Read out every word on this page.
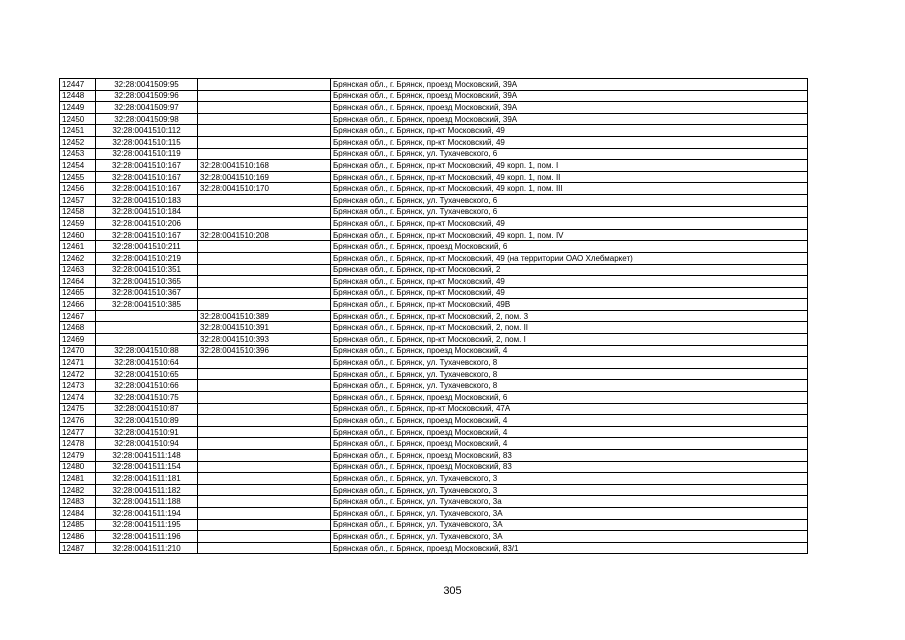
12447	32:28:0041509:95		Брянская обл., г. Брянск, проезд Московский, 39А
12448	32:28:0041509:96		Брянская обл., г. Брянск, проезд Московский, 39А
12449	32:28:0041509:97		Брянская обл., г. Брянск, проезд Московский, 39А
12450	32:28:0041509:98		Брянская обл., г. Брянск, проезд Московский, 39А
12451	32:28:0041510:112		Брянская обл., г. Брянск, пр-кт Московский, 49
12452	32:28:0041510:115		Брянская обл., г. Брянск, пр-кт Московский, 49
12453	32:28:0041510:119		Брянская обл., г. Брянск, ул. Тухачевского, 6
12454	32:28:0041510:167	32:28:0041510:168	Брянская обл., г. Брянск, пр-кт Московский, 49 корп. 1, пом. I
12455	32:28:0041510:167	32:28:0041510:169	Брянская обл., г. Брянск, пр-кт Московский, 49 корп. 1, пом. II
12456	32:28:0041510:167	32:28:0041510:170	Брянская обл., г. Брянск, пр-кт Московский, 49 корп. 1, пом. III
12457	32:28:0041510:183		Брянская обл., г. Брянск, ул. Тухачевского, 6
12458	32:28:0041510:184		Брянская обл., г. Брянск, ул. Тухачевского, 6
12459	32:28:0041510:206		Брянская обл., г. Брянск, пр-кт Московский, 49
12460	32:28:0041510:167	32:28:0041510:208	Брянская обл., г. Брянск, пр-кт Московский, 49 корп. 1, пом. IV
12461	32:28:0041510:211		Брянская обл., г. Брянск, проезд Московский, 6
12462	32:28:0041510:219		Брянская обл., г. Брянск, пр-кт Московский, 49 (на территории ОАО Хлебмаркет)
12463	32:28:0041510:351		Брянская обл., г. Брянск, пр-кт Московский, 2
12464	32:28:0041510:365		Брянская обл., г. Брянск, пр-кт Московский, 49
12465	32:28:0041510:367		Брянская обл., г. Брянск, пр-кт Московский, 49
12466	32:28:0041510:385		Брянская обл., г. Брянск, пр-кт Московский, 49В
12467		32:28:0041510:389	Брянская обл., г. Брянск, пр-кт Московский, 2, пом. 3
12468		32:28:0041510:391	Брянская обл., г. Брянск, пр-кт Московский, 2, пом. II
12469		32:28:0041510:393	Брянская обл., г. Брянск, пр-кт Московский, 2, пом. I
12470	32:28:0041510:88	32:28:0041510:396	Брянская обл., г. Брянск, проезд Московский, 4
12471	32:28:0041510:64		Брянская обл., г. Брянск, ул. Тухачевского, 8
12472	32:28:0041510:65		Брянская обл., г. Брянск, ул. Тухачевского, 8
12473	32:28:0041510:66		Брянская обл., г. Брянск, ул. Тухачевского, 8
12474	32:28:0041510:75		Брянская обл., г. Брянск, проезд Московский, 6
12475	32:28:0041510:87		Брянская обл., г. Брянск, пр-кт Московский, 47А
12476	32:28:0041510:89		Брянская обл., г. Брянск, проезд Московский, 4
12477	32:28:0041510:91		Брянская обл., г. Брянск, проезд Московский, 4
12478	32:28:0041510:94		Брянская обл., г. Брянск, проезд Московский, 4
12479	32:28:0041511:148		Брянская обл., г. Брянск, проезд Московский, 83
12480	32:28:0041511:154		Брянская обл., г. Брянск, проезд Московский, 83
12481	32:28:0041511:181		Брянская обл., г. Брянск, ул. Тухачевского, 3
12482	32:28:0041511:182		Брянская обл., г. Брянск, ул. Тухачевского, 3
12483	32:28:0041511:188		Брянская обл., г. Брянск, ул. Тухачевского, 3а
12484	32:28:0041511:194		Брянская обл., г. Брянск, ул. Тухачевского, 3А
12485	32:28:0041511:195		Брянская обл., г. Брянск, ул. Тухачевского, 3А
12486	32:28:0041511:196		Брянская обл., г. Брянск, ул. Тухачевского, 3А
12487	32:28:0041511:210		Брянская обл., г. Брянск, проезд Московский, 83/1
305
